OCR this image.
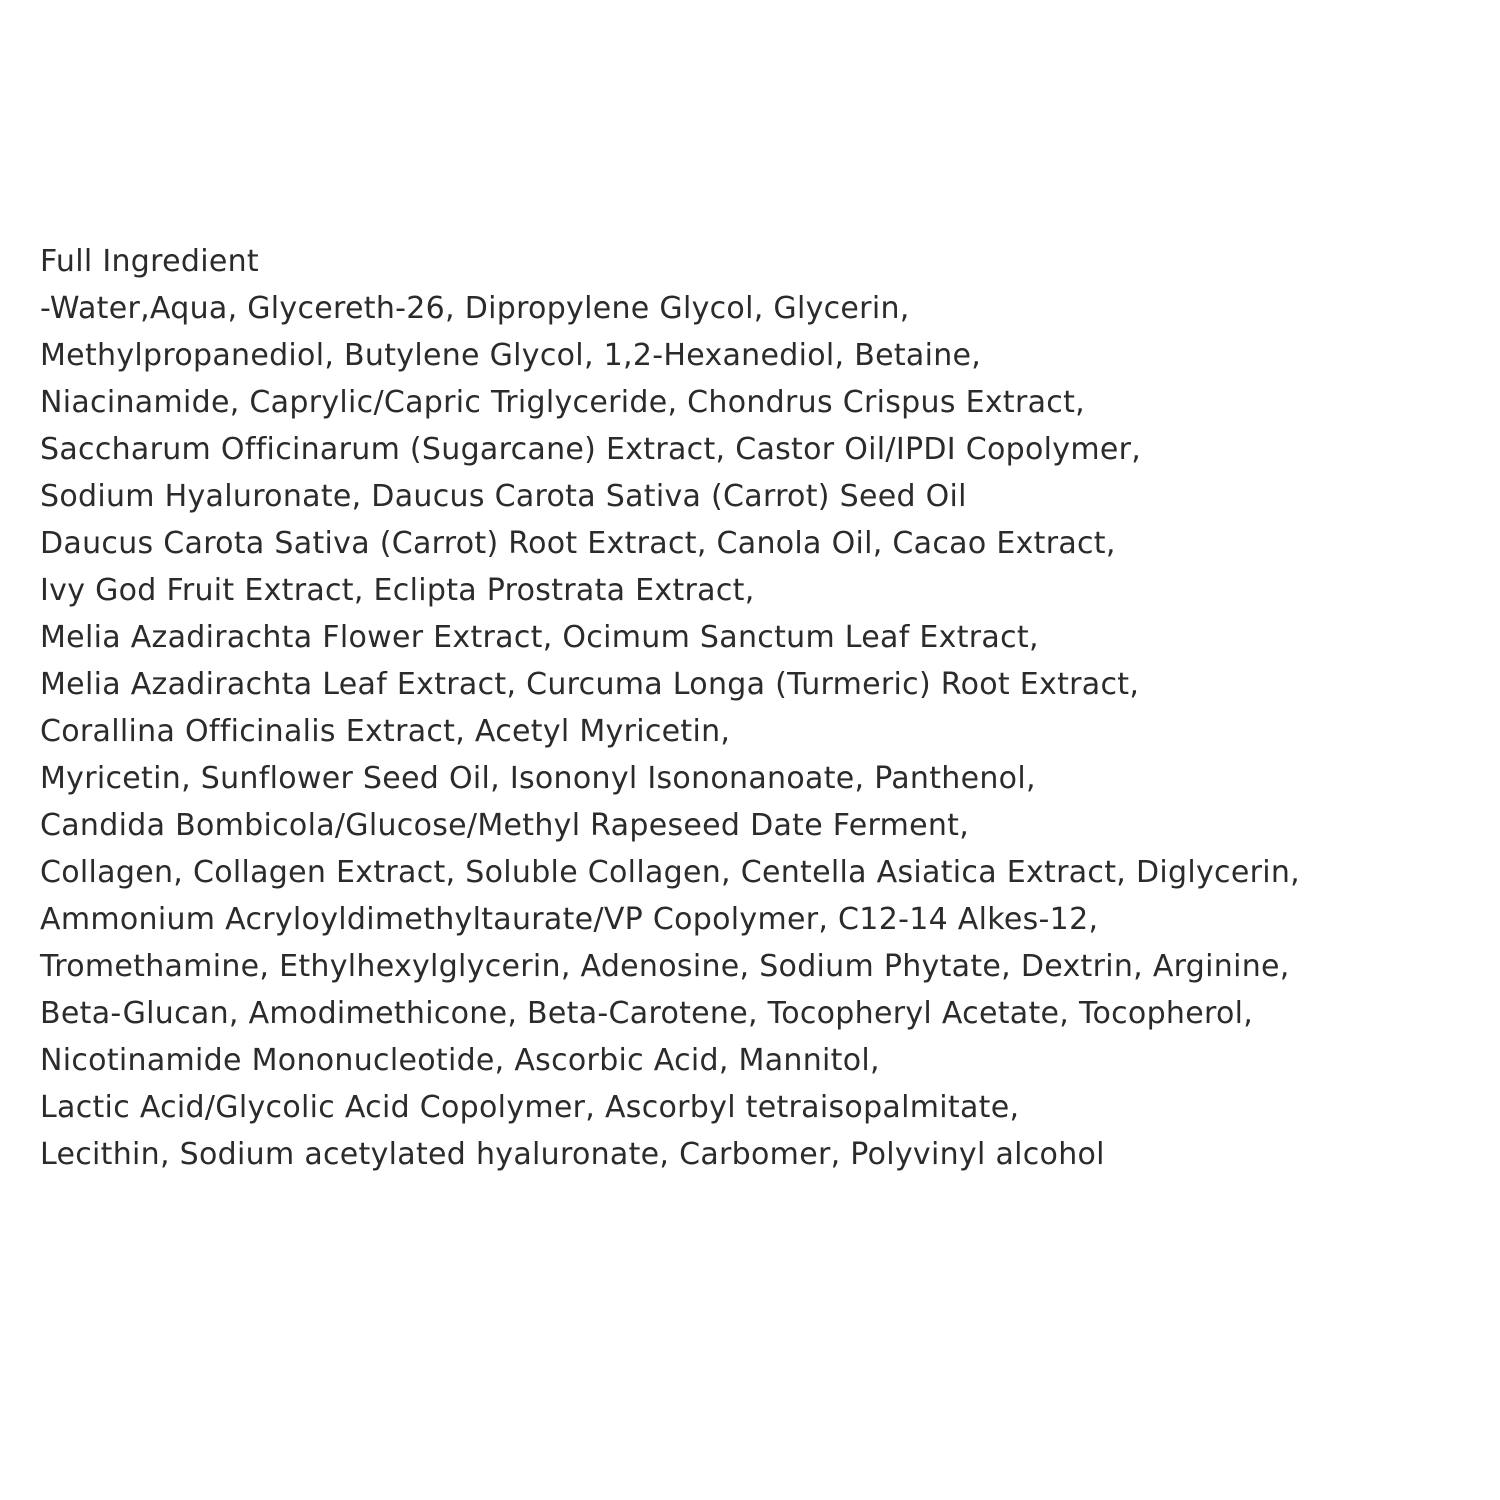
Full Ingredient
-Water,Aqua, Glycereth-26, Dipropylene Glycol, Glycerin,
Methylpropanediol, Butylene Glycol, 1,2-Hexanediol, Betaine,
Niacinamide, Caprylic/Capric Triglyceride, Chondrus Crispus Extract,
Saccharum Officinarum (Sugarcane) Extract, Castor Oil/IPDI Copolymer,
Sodium Hyaluronate, Daucus Carota Sativa (Carrot) Seed Oil
Daucus Carota Sativa (Carrot) Root Extract, Canola Oil, Cacao Extract,
Ivy God Fruit Extract, Eclipta Prostrata Extract,
Melia Azadirachta Flower Extract, Ocimum Sanctum Leaf Extract,
Melia Azadirachta Leaf Extract, Curcuma Longa (Turmeric) Root Extract,
Corallina Officinalis Extract, Acetyl Myricetin,
Myricetin, Sunflower Seed Oil, Isononyl Isononanoate, Panthenol,
Candida Bombicola/Glucose/Methyl Rapeseed Date Ferment,
Collagen, Collagen Extract, Soluble Collagen, Centella Asiatica Extract, Diglycerin,
Ammonium Acryloyldimethyltaurate/VP Copolymer, C12-14 Alkes-12,
Tromethamine, Ethylhexylglycerin, Adenosine, Sodium Phytate, Dextrin, Arginine,
Beta-Glucan, Amodimethicone, Beta-Carotene, Tocopheryl Acetate, Tocopherol,
Nicotinamide Mononucleotide, Ascorbic Acid, Mannitol,
Lactic Acid/Glycolic Acid Copolymer, Ascorbyl tetraisopalmitate,
Lecithin, Sodium acetylated hyaluronate, Carbomer, Polyvinyl alcohol
